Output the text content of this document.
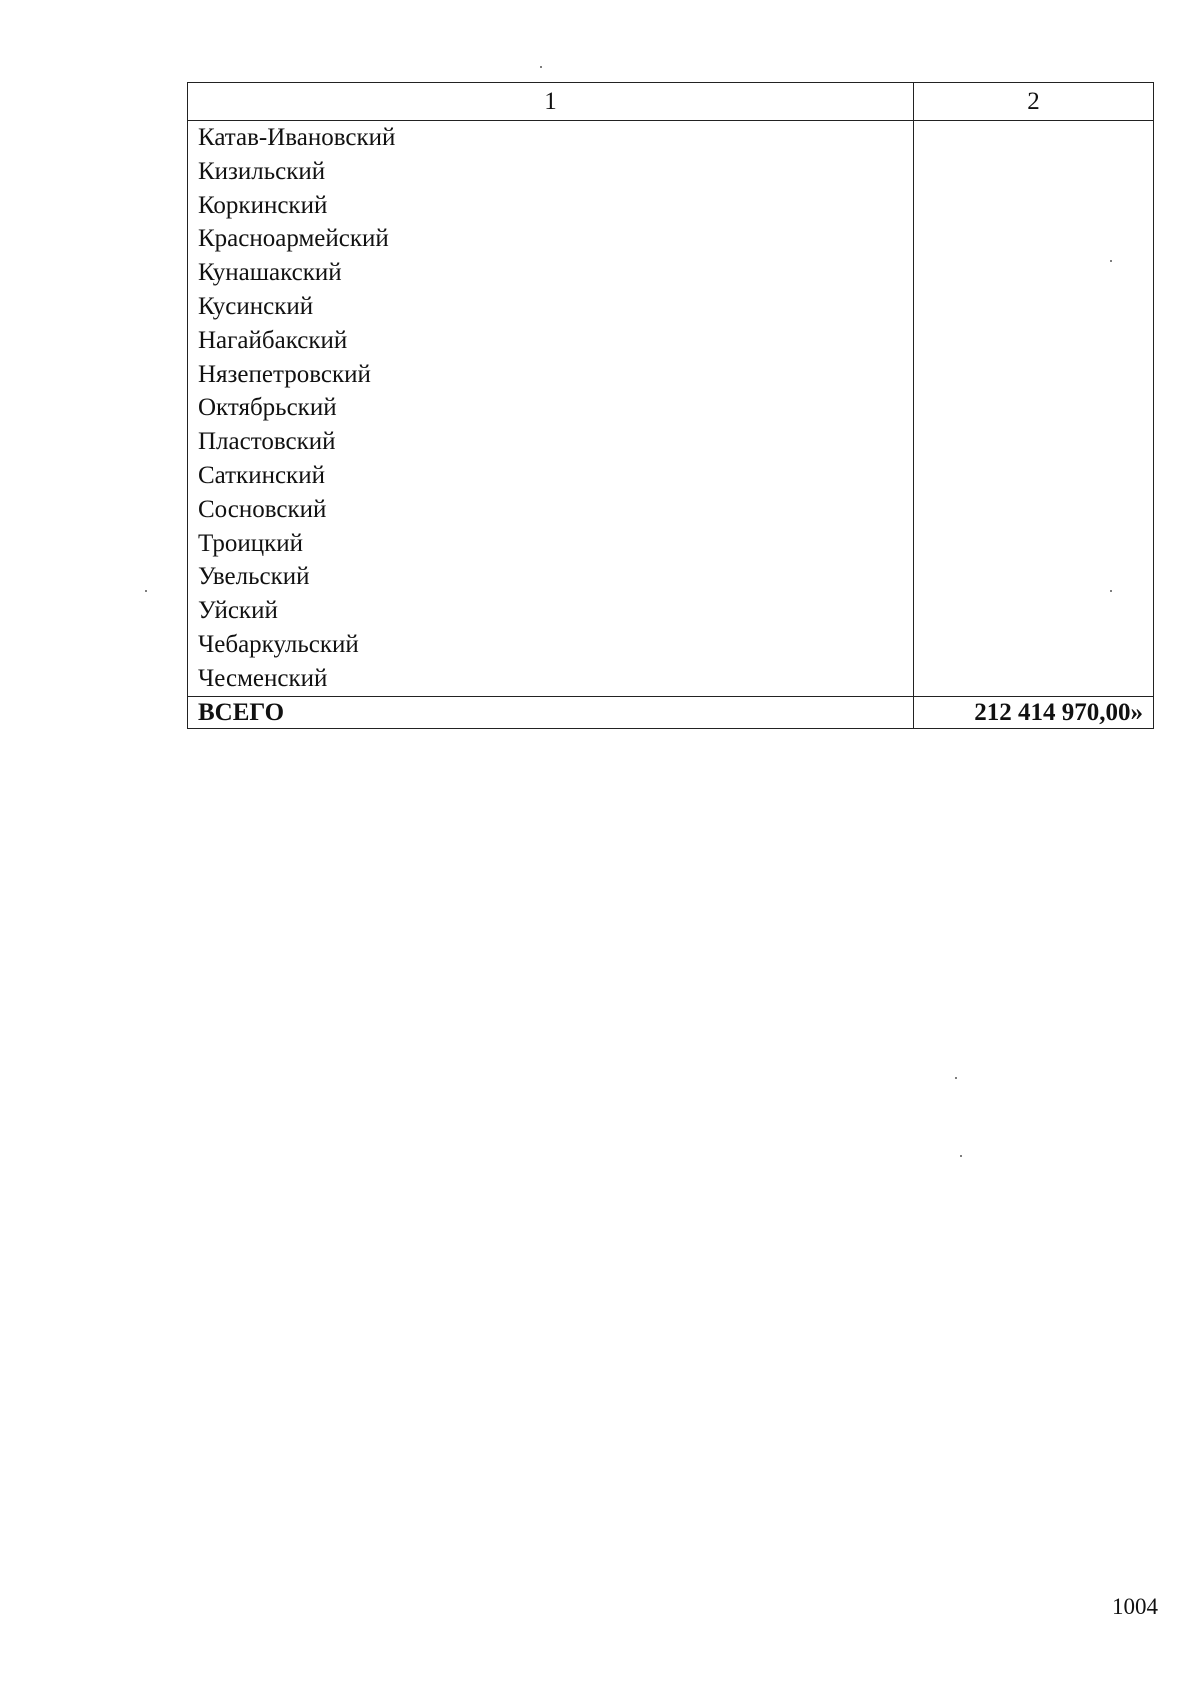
1	2
Катав-Ивановский	
Кизильский	
Коркинский	
Красноармейский	
Кунашакский	
Кусинский	
Нагайбакский	
Нязепетровский	
Октябрьский	
Пластовский	
Саткинский	
Сосновский	
Троицкий	
Увельский	
Уйский	
Чебаркульский	
Чесменский	
ВСЕГО	212 414 970,00»
1004
